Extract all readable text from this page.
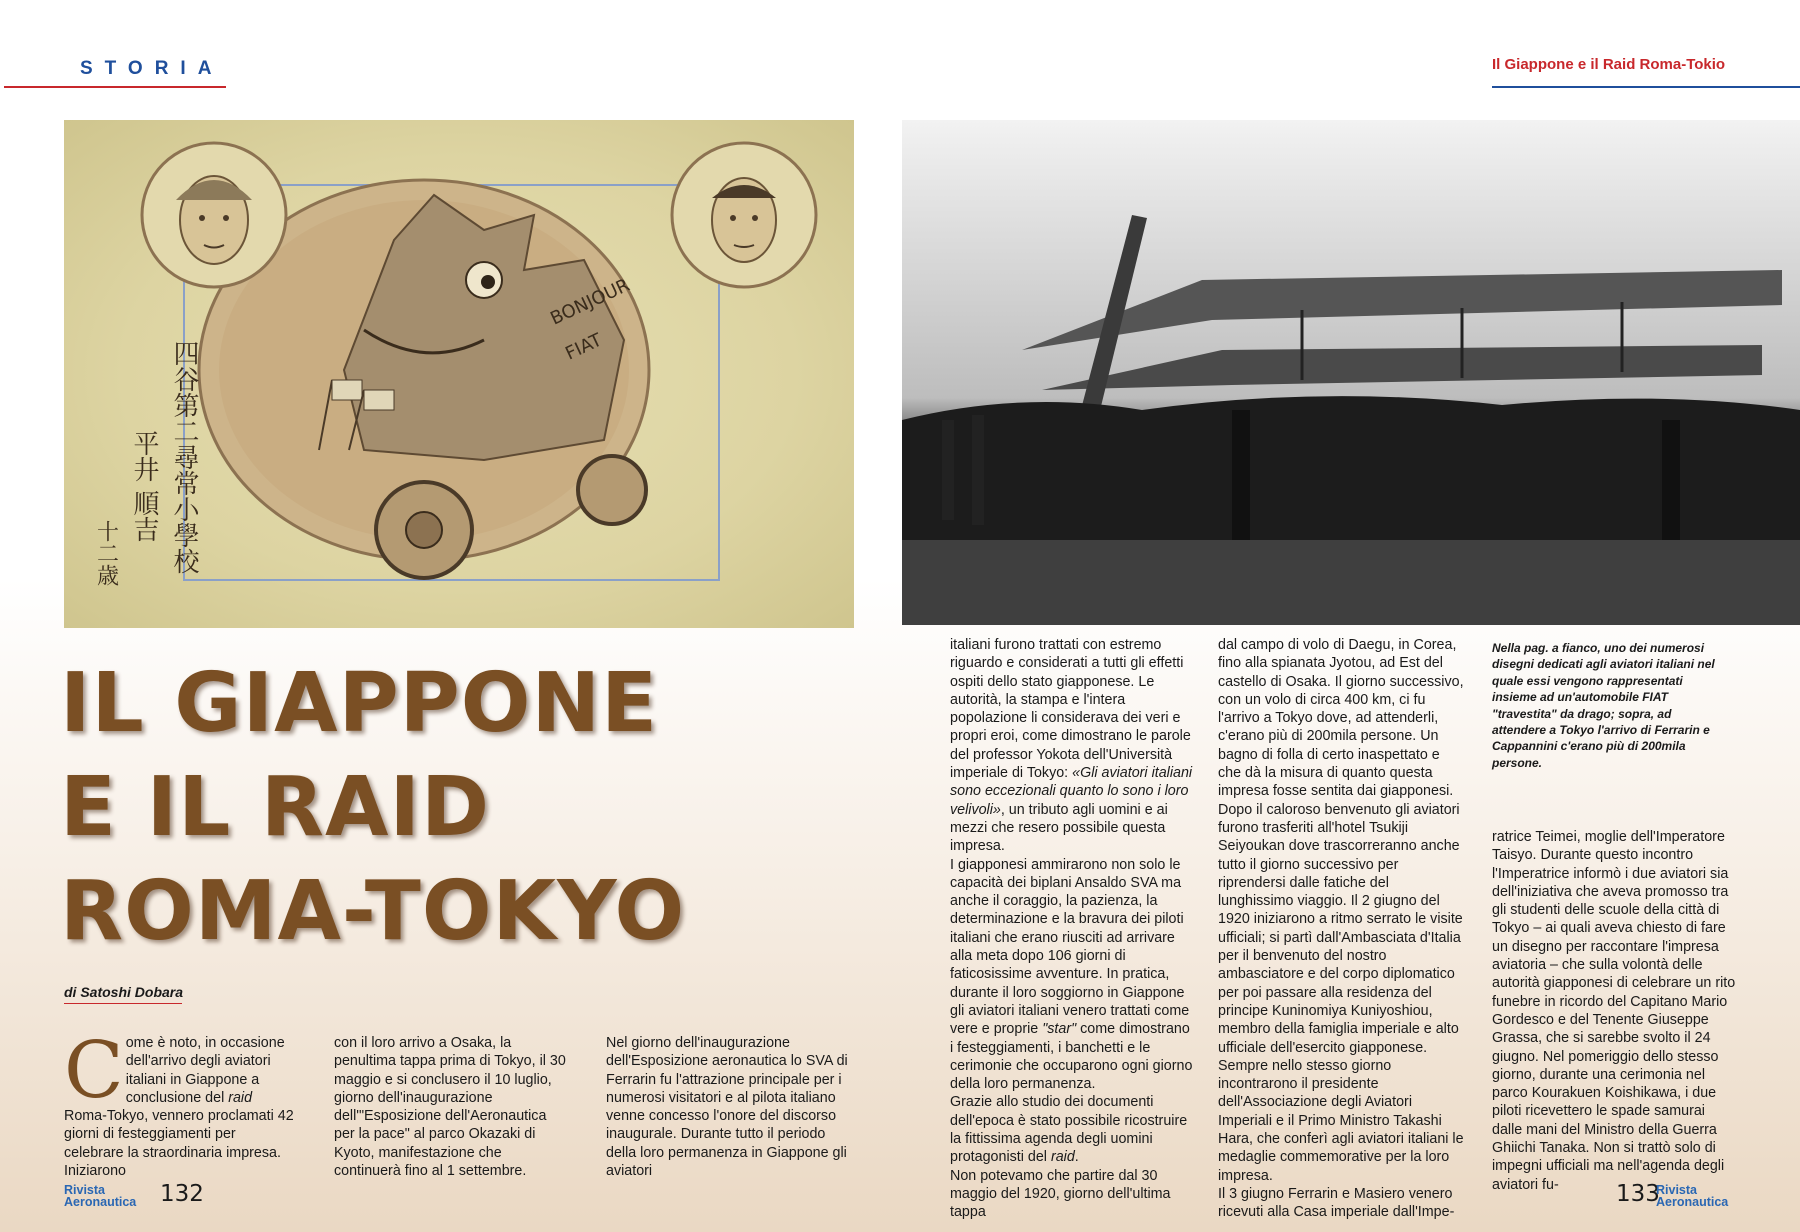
STORIA	Il Giappone e il Raid Roma-Tokio
BONJOUR
FIAT
四谷第二尋常小學校
平井 順吉
十二歳
IL GIAPPONE
E IL RAID
ROMA-TOKYO
di Satoshi Dobara
C ome è noto, in occasione dell'arrivo degli aviatori italiani in Giappone a conclusione del raid Roma-Tokyo, vennero proclamati 42 giorni di festeggiamenti per celebrare la straordinaria impresa. Iniziarono

con il loro arrivo a Osaka, la penultima tappa prima di Tokyo, il 30 maggio e si conclusero il 10 luglio, giorno dell'inaugurazione dell'"Esposizione dell'Aeronautica per la pace" al parco Okazaki di Kyoto, manifestazione che continuerà fino al 1 settembre.

Nel giorno dell'inaugurazione dell'Esposizione aeronautica lo SVA di Ferrarin fu l'attrazione principale per i numerosi visitatori e al pilota italiano venne concesso l'onore del discorso inaugurale. Durante tutto il periodo della loro permanenza in Giappone gli aviatori

italiani furono trattati con estremo riguardo e considerati a tutti gli effetti ospiti dello stato giapponese. Le autorità, la stampa e l'intera popolazione li considerava dei veri e propri eroi, come dimostrano le parole del professor Yokota dell'Università imperiale di Tokyo: «Gli aviatori italiani sono eccezionali quanto lo sono i loro velivoli», un tributo agli uomini e ai mezzi che resero possibile questa impresa.

I giapponesi ammirarono non solo le capacità dei biplani Ansaldo SVA ma anche il coraggio, la pazienza, la determinazione e la bravura dei piloti italiani che erano riusciti ad arrivare alla meta dopo 106 giorni di faticosissime avventure. In pratica, durante il loro soggiorno in Giappone gli aviatori italiani venero trattati come vere e proprie "star" come dimostrano i festeggiamenti, i banchetti e le cerimonie che occuparono ogni giorno della loro permanenza.

Grazie allo studio dei documenti dell'epoca è stato possibile ricostruire la fittissima agenda degli uomini protagonisti del raid.

Non potevamo che partire dal 30 maggio del 1920, giorno dell'ultima tappa

dal campo di volo di Daegu, in Corea, fino alla spianata Jyotou, ad Est del castello di Osaka. Il giorno successivo, con un volo di circa 400 km, ci fu l'arrivo a Tokyo dove, ad attenderli, c'erano più di 200mila persone. Un bagno di folla di certo inaspettato e che dà la misura di quanto questa impresa fosse sentita dai giapponesi.

Dopo il caloroso benvenuto gli aviatori furono trasferiti all'hotel Tsukiji Seiyoukan dove trascorreranno anche tutto il giorno successivo per riprendersi dalle fatiche del lunghissimo viaggio. Il 2 giugno del 1920 iniziarono a ritmo serrato le visite ufficiali; si partì dall'Ambasciata d'Italia per il benvenuto del nostro ambasciatore e del corpo diplomatico per poi passare alla residenza del principe Kuninomiya Kuniyoshiou, membro della famiglia imperiale e alto ufficiale dell'esercito giapponese. Sempre nello stesso giorno incontrarono il presidente dell'Associazione degli Aviatori Imperiali e il Primo Ministro Takashi Hara, che conferì agli aviatori italiani le medaglie commemorative per la loro impresa.

Il 3 giugno Ferrarin e Masiero venero ricevuti alla Casa imperiale dall'Impe-

Nella pag. a fianco, uno dei numerosi disegni dedicati agli aviatori italiani nel quale essi vengono rappresentati insieme ad un'automobile FIAT "travestita" da drago; sopra, ad attendere a Tokyo l'arrivo di Ferrarin e Cappannini c'erano più di 200mila persone.

ratrice Teimei, moglie dell'Imperatore Taisyo. Durante questo incontro l'Imperatrice informò i due aviatori sia dell'iniziativa che aveva promosso tra gli studenti delle scuole della città di Tokyo – ai quali aveva chiesto di fare un disegno per raccontare l'impresa aviatoria – che sulla volontà delle autorità giapponesi di celebrare un rito funebre in ricordo del Capitano Mario Gordesco e del Tenente Giuseppe Grassa, che si sarebbe svolto il 24 giugno. Nel pomeriggio dello stesso giorno, durante una cerimonia nel parco Kourakuen Koishikawa, i due piloti ricevettero le spade samurai dalle mani del Ministro della Guerra Ghiichi Tanaka. Non si trattò solo di impegni ufficiali ma nell'agenda degli aviatori fu-

Rivista
Aeronautica 132	133
Rivista
Aeronautica
